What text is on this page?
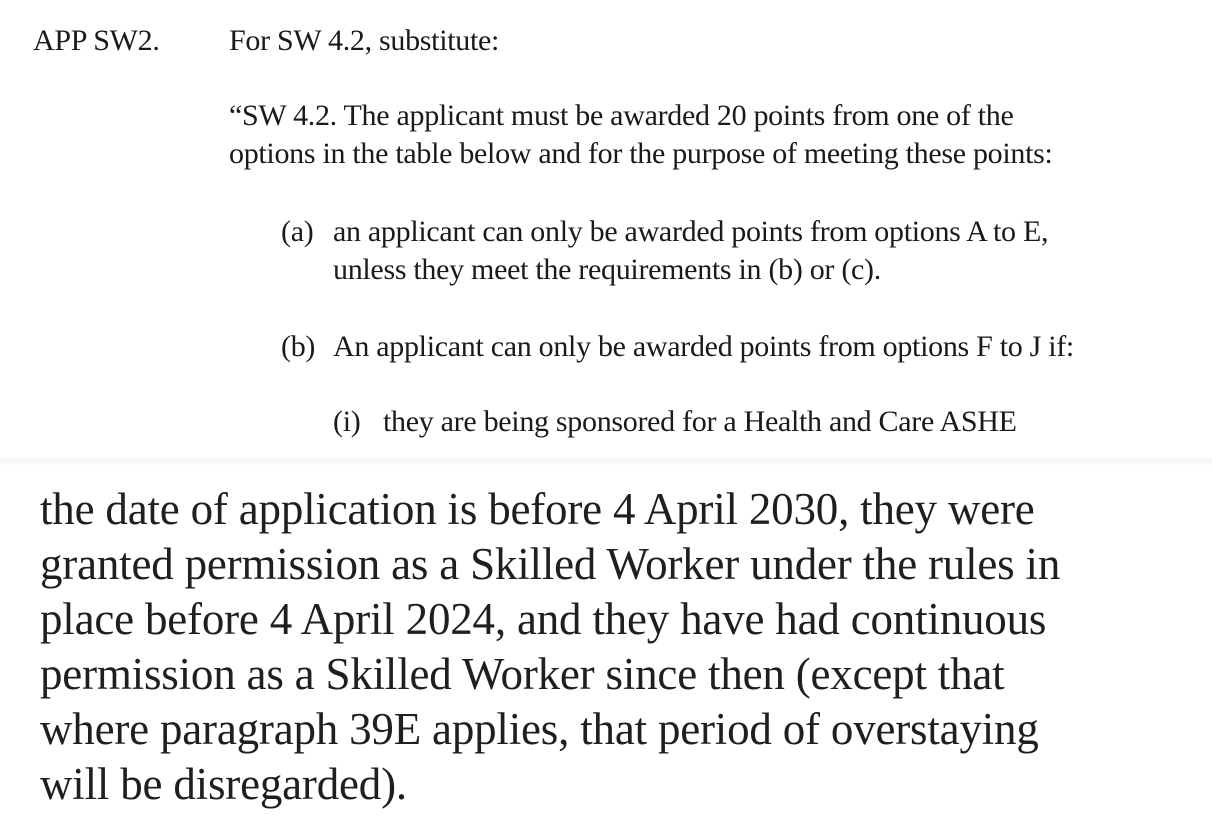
APP SW2. For SW 4.2, substitute:
“SW 4.2. The applicant must be awarded 20 points from one of the
options in the table below and for the purpose of meeting these points:
(a) an applicant can only be awarded points from options A to E,
unless they meet the requirements in (b) or (c).
(b) An applicant can only be awarded points from options F to J if:
(i) they are being sponsored for a Health and Care ASHE
the date of application is before 4 April 2030, they were
granted permission as a Skilled Worker under the rules in
place before 4 April 2024, and they have had continuous
permission as a Skilled Worker since then (except that
where paragraph 39E applies, that period of overstaying
will be disregarded).
